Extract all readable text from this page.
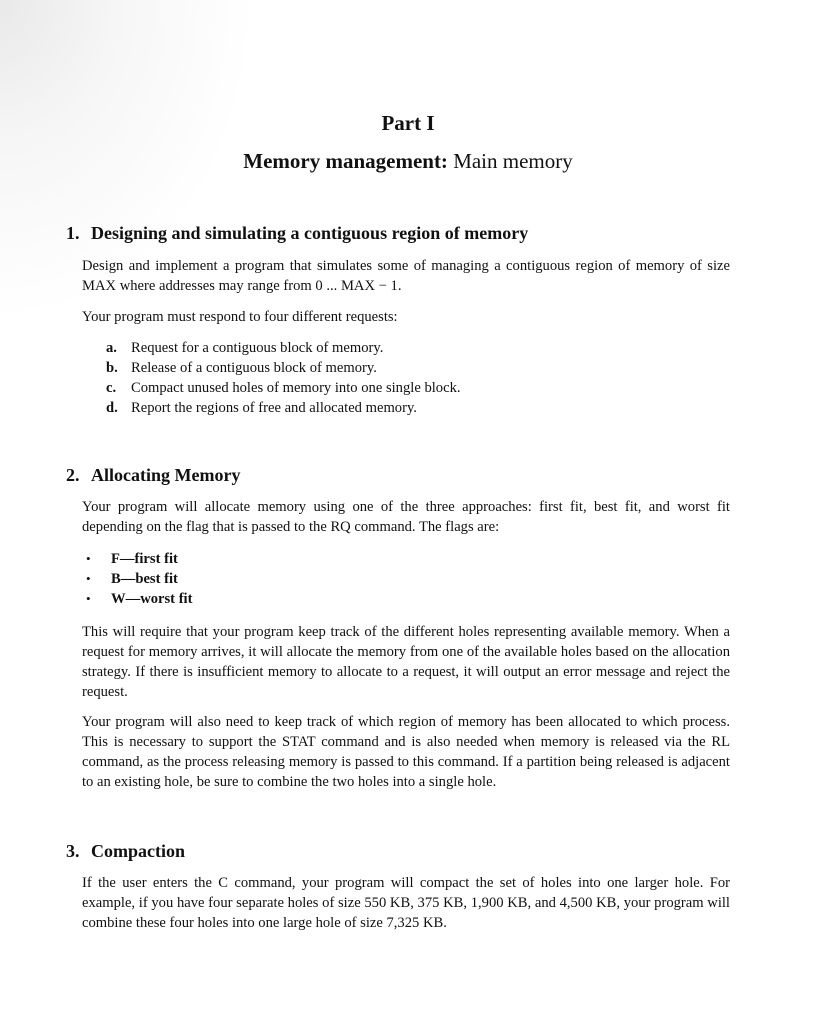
Part I
Memory management: Main memory
1. Designing and simulating a contiguous region of memory
Design and implement a program that simulates some of managing a contiguous region of memory of size MAX where addresses may range from 0 ... MAX − 1.
Your program must respond to four different requests:
a. Request for a contiguous block of memory.
b. Release of a contiguous block of memory.
c. Compact unused holes of memory into one single block.
d. Report the regions of free and allocated memory.
2. Allocating Memory
Your program will allocate memory using one of the three approaches: first fit, best fit, and worst fit depending on the flag that is passed to the RQ command. The flags are:
• F—first fit
• B—best fit
• W—worst fit
This will require that your program keep track of the different holes representing available memory. When a request for memory arrives, it will allocate the memory from one of the available holes based on the allocation strategy. If there is insufficient memory to allocate to a request, it will output an error message and reject the request.
Your program will also need to keep track of which region of memory has been allocated to which process. This is necessary to support the STAT command and is also needed when memory is released via the RL command, as the process releasing memory is passed to this command. If a partition being released is adjacent to an existing hole, be sure to combine the two holes into a single hole.
3. Compaction
If the user enters the C command, your program will compact the set of holes into one larger hole. For example, if you have four separate holes of size 550 KB, 375 KB, 1,900 KB, and 4,500 KB, your program will combine these four holes into one large hole of size 7,325 KB.
